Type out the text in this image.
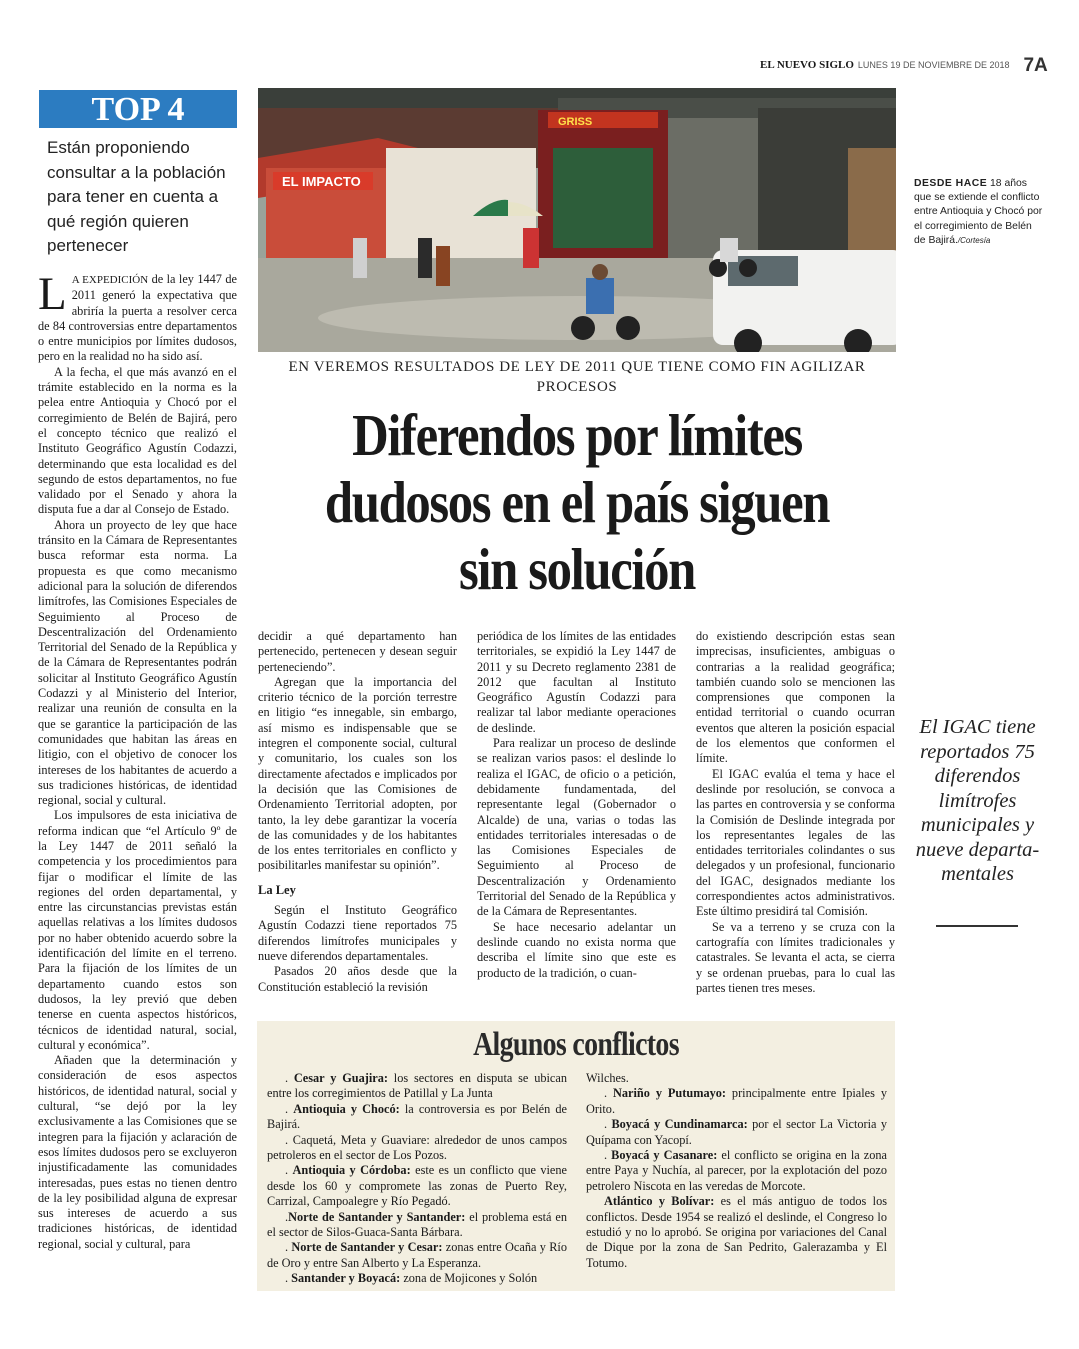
EL NUEVO SIGLO LUNES 19 DE NOVIEMBRE DE 2018 7A
TOP 4
Están proponiendo consultar a la población para tener en cuenta a qué región quieren pertenecer
EL IMPACTO
GRISS
DESDE HACE 18 años que se extiende el conflicto entre Antioquia y Chocó por el corregimiento de Belén de Bajirá./Cortesía
EN VEREMOS RESULTADOS DE LEY DE 2011 QUE TIENE COMO FIN AGILIZAR PROCESOS
Diferendos por límites dudosos en el país siguen sin solución

L A EXPEDICIÓN de la ley 1447 de 2011 generó la expectativa que abriría la puerta a resolver cerca de 84 controversias entre departamentos o entre municipios por límites dudosos, pero en la realidad no ha sido así.

A la fecha, el que más avanzó en el trámite establecido en la norma es la pelea entre Antioquia y Chocó por el corregimiento de Belén de Bajirá, pero el concepto técnico que realizó el Instituto Geográfico Agustín Codazzi, determinando que esta localidad es del segundo de estos departamentos, no fue validado por el Senado y ahora la disputa fue a dar al Consejo de Estado.

Ahora un proyecto de ley que hace tránsito en la Cámara de Representantes busca reformar esta norma. La propuesta es que como mecanismo adicional para la solución de diferendos limítrofes, las Comisiones Especiales de Seguimiento al Proceso de Descentralización del Ordenamiento Territorial del Senado de la República y de la Cámara de Representantes podrán solicitar al Instituto Geográfico Agustín Codazzi y al Ministerio del Interior, realizar una reunión de consulta en la que se garantice la participación de las comunidades que habitan las áreas en litigio, con el objetivo de conocer los intereses de los habitantes de acuerdo a sus tradiciones históricas, de identidad regional, social y cultural.

Los impulsores de esta iniciativa de reforma indican que “el Artículo 9º de la Ley 1447 de 2011 señaló la competencia y los procedimientos para fijar o modificar el límite de las regiones del orden departamental, y entre las circunstancias previstas están aquellas relativas a los límites dudosos por no haber obtenido acuerdo sobre la identificación del límite en el terreno. Para la fijación de los límites de un departamento cuando estos son dudosos, la ley previó que deben tenerse en cuenta aspectos históricos, técnicos de identidad natural, social, cultural y económica”.

Añaden que la determinación y consideración de esos aspectos históricos, de identidad natural, social y cultural, “se dejó por la ley exclusivamente a las Comisiones que se integren para la fijación y aclaración de esos límites dudosos pero se excluyeron injustificadamente las comunidades interesadas, pues estas no tienen dentro de la ley posibilidad alguna de expresar sus intereses de acuerdo a sus tradiciones históricas, de identidad regional, social y cultural, para

decidir a qué departamento han pertenecido, pertenecen y desean seguir perteneciendo”.

Agregan que la importancia del criterio técnico de la porción terrestre en litigio “es innegable, sin embargo, así mismo es indispensable que se integren el componente social, cultural y comunitario, los cuales son los directamente afectados e implicados por la decisión que las Comisiones de Ordenamiento Territorial adopten, por tanto, la ley debe garantizar la vocería de las comunidades y de los habitantes de los entes territoriales en conflicto y posibilitarles manifestar su opinión”.

La Ley

Según el Instituto Geográfico Agustín Codazzi tiene reportados 75 diferendos limítrofes municipales y nueve diferendos departamentales.

Pasados 20 años desde que la Constitución estableció la revisión

periódica de los límites de las entidades territoriales, se expidió la Ley 1447 de 2011 y su Decreto reglamento 2381 de 2012 que facultan al Instituto Geográfico Agustín Codazzi para realizar tal labor mediante operaciones de deslinde.

Para realizar un proceso de deslinde se realizan varios pasos: el deslinde lo realiza el IGAC, de oficio o a petición, debidamente fundamentada, del representante legal (Gobernador o Alcalde) de una, varias o todas las entidades territoriales interesadas o de las Comisiones Especiales de Seguimiento al Proceso de Descentralización y Ordenamiento Territorial del Senado de la República y de la Cámara de Representantes.

Se hace necesario adelantar un deslinde cuando no exista norma que describa el límite sino que este es producto de la tradición, o cuan-

do existiendo descripción estas sean imprecisas, insuficientes, ambiguas o contrarias a la realidad geográfica; también cuando solo se mencionen las comprensiones que componen la entidad territorial o cuando ocurran eventos que alteren la posición espacial de los elementos que conformen el límite.

El IGAC evalúa el tema y hace el deslinde por resolución, se convoca a las partes en controversia y se conforma la Comisión de Deslinde integrada por los representantes legales de las entidades territoriales colindantes o sus delegados y un profesional, funcionario del IGAC, designados mediante los correspondientes actos administrativos. Este último presidirá tal Comisión.

Se va a terreno y se cruza con la cartografía con límites tradicionales y catastrales. Se levanta el acta, se cierra y se ordenan pruebas, para lo cual las partes tienen tres meses.

El IGAC tiene reportados 75 diferendos limítrofes municipales y nueve departa-mentales
Algunos conflictos

. Cesar y Guajira: los sectores en disputa se ubican entre los corregimientos de Patillal y La Junta

. Antioquia y Chocó: la controversia es por Belén de Bajirá.

. Caquetá, Meta y Guaviare: alrededor de unos campos petroleros en el sector de Los Pozos.

. Antioquia y Córdoba: este es un conflicto que viene desde los 60 y compromete las zonas de Puerto Rey, Carrizal, Campoalegre y Río Pegadó.

.Norte de Santander y Santander: el problema está en el sector de Silos-Guaca-Santa Bárbara.

. Norte de Santander y Cesar: zonas entre Ocaña y Río de Oro y entre San Alberto y La Esperanza.

. Santander y Boyacá: zona de Mojicones y Solón

Wilches.

. Nariño y Putumayo: principalmente entre Ipiales y Orito.

. Boyacá y Cundinamarca: por el sector La Victoria y Quípama con Yacopí.

. Boyacá y Casanare: el conflicto se origina en la zona entre Paya y Nuchía, al parecer, por la explotación del pozo petrolero Niscota en las veredas de Morcote.

Atlántico y Bolívar: es el más antiguo de todos los conflictos. Desde 1954 se realizó el deslinde, el Congreso lo estudió y no lo aprobó. Se origina por variaciones del Canal de Dique por la zona de San Pedrito, Galerazamba y El Totumo.
